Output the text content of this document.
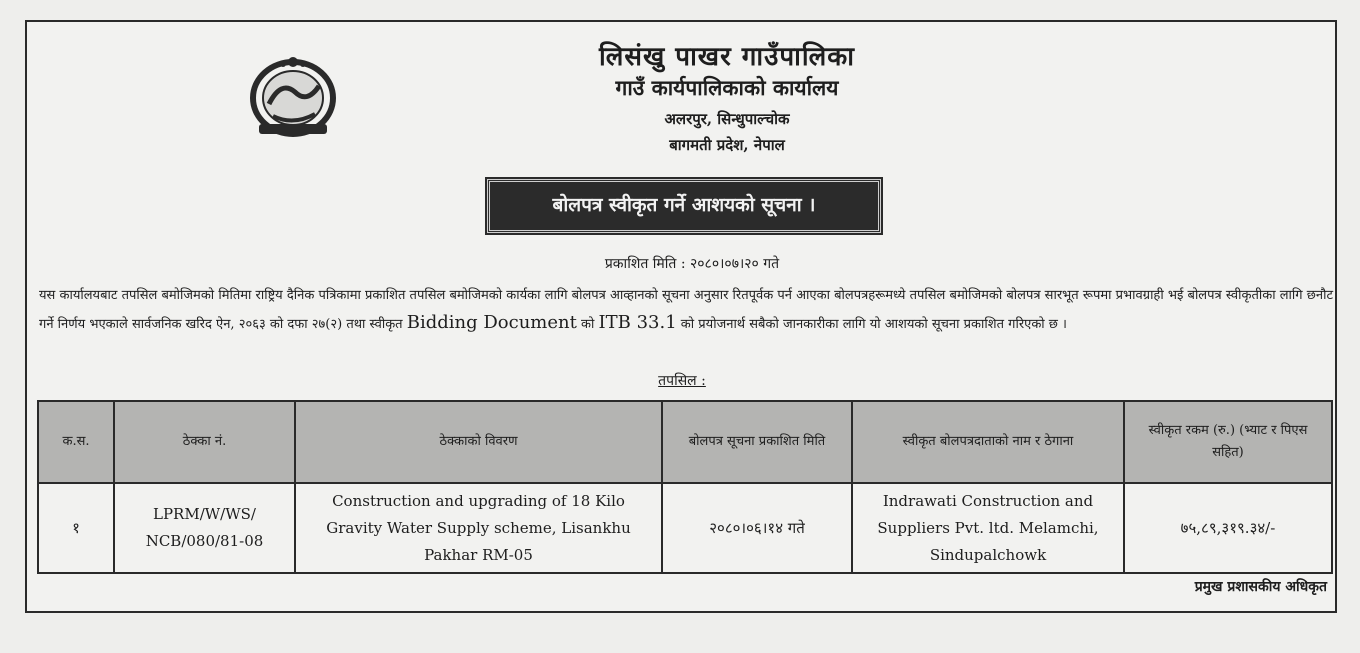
लिसंखु पाखर गाउँपालिका
गाउँ कार्यपालिकाको कार्यालय
अलरपुर, सिन्धुपाल्चोक
बागमती प्रदेश, नेपाल
बोलपत्र स्वीकृत गर्ने आशयको सूचना ।
प्रकाशित मिति : २०८०।०७।२० गते
यस कार्यालयबाट तपसिल बमोजिमको मितिमा राष्ट्रिय दैनिक पत्रिकामा प्रकाशित तपसिल बमोजिमको कार्यका लागि बोलपत्र आव्हानको सूचना अनुसार रितपूर्वक पर्न आएका बोलपत्रहरूमध्ये तपसिल बमोजिमको बोलपत्र सारभूत रूपमा प्रभावग्राही भई बोलपत्र स्वीकृतीका लागि छनौट गर्ने निर्णय भएकाले सार्वजनिक खरिद ऐन, २०६३ को दफा २७(२) तथा स्वीकृत Bidding Document को ITB 33.1 को प्रयोजनार्थ सबैको जानकारीका लागि यो आशयको सूचना प्रकाशित गरिएको छ ।
तपसिल :
क.स.	ठेक्का नं.	ठेक्काको विवरण	बोलपत्र सूचना प्रकाशित मिति	स्वीकृत बोलपत्रदाताको नाम र ठेगाना	स्वीकृत रकम (रु.) (भ्याट र पिएस सहित)
१	LPRM/W/WS/ NCB/080/81-08	Construction and upgrading of 18 Kilo Gravity Water Supply scheme, Lisankhu Pakhar RM-05	२०८०।०६।१४ गते	Indrawati Construction and Suppliers Pvt. ltd. Melamchi, Sindupalchowk	७५,८९,३१९.३४/-
प्रमुख प्रशासकीय अधिकृत
